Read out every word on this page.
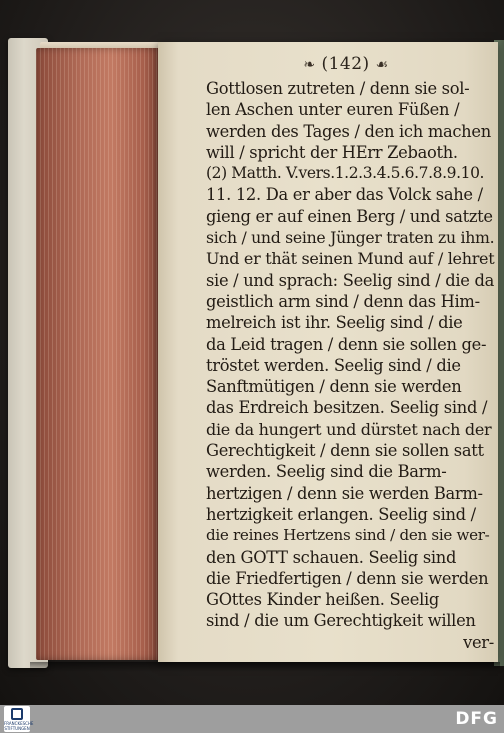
❧ (142) ☙
Gottlosen zutreten / denn sie sol-
len Aschen unter euren Füßen /
werden des Tages / den ich machen
will / spricht der HErr Zebaoth.
(2) Matth. V.vers.1.2.3.4.5.6.7.8.9.10.
11. 12. Da er aber das Volck sahe /
gieng er auf einen Berg / und satzte
sich / und seine Jünger traten zu ihm.
Und er thät seinen Mund auf / lehret
sie / und sprach: Seelig sind / die da
geistlich arm sind / denn das Him-
melreich ist ihr. Seelig sind / die
da Leid tragen / denn sie sollen ge-
tröstet werden. Seelig sind / die
Sanftmütigen / denn sie werden
das Erdreich besitzen. Seelig sind /
die da hungert und dürstet nach der
Gerechtigkeit / denn sie sollen satt
werden. Seelig sind die Barm-
hertzigen / denn sie werden Barm-
hertzigkeit erlangen. Seelig sind /
die reines Hertzens sind / den sie wer-
den GOTT schauen. Seelig sind
die Friedfertigen / denn sie werden
GOttes Kinder heißen. Seelig
sind / die um Gerechtigkeit willen
ver-
FRANCKESCHE STIFTUNGEN	DFG
